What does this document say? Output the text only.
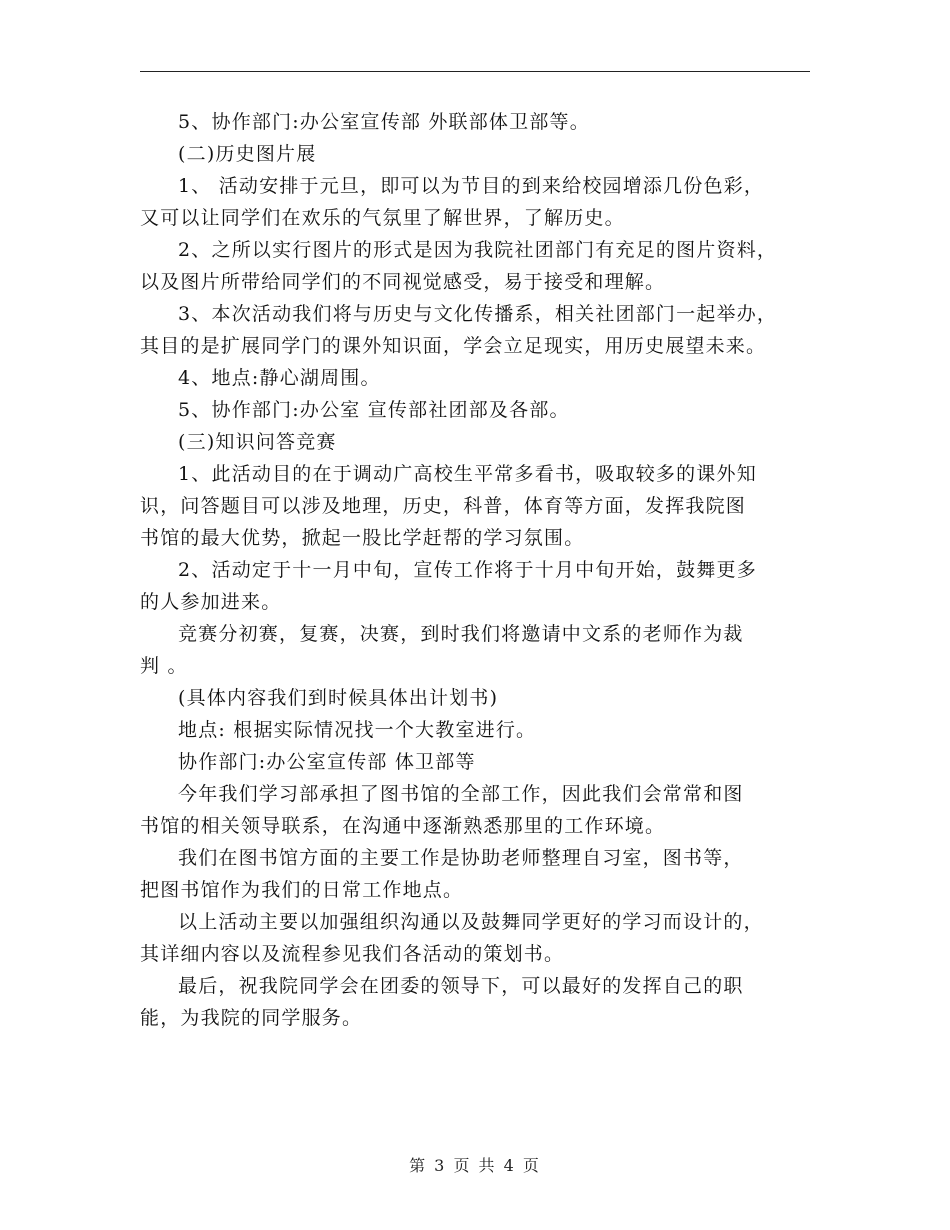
5、协作部门:办公室宣传部 外联部体卫部等。

(二)历史图片展

1、 活动安排于元旦，即可以为节目的到来给校园增添几份色彩，

又可以让同学们在欢乐的气氛里了解世界，了解历史。

2、之所以实行图片的形式是因为我院社团部门有充足的图片资料，

以及图片所带给同学们的不同视觉感受，易于接受和理解。

3、本次活动我们将与历史与文化传播系，相关社团部门一起举办，

其目的是扩展同学门的课外知识面，学会立足现实，用历史展望未来。

4、地点:静心湖周围。

5、协作部门:办公室 宣传部社团部及各部。

(三)知识问答竞赛

1、此活动目的在于调动广高校生平常多看书，吸取较多的课外知

识，问答题目可以涉及地理，历史，科普，体育等方面，发挥我院图

书馆的最大优势，掀起一股比学赶帮的学习氛围。

2、活动定于十一月中旬，宣传工作将于十月中旬开始，鼓舞更多

的人参加进来。

竞赛分初赛，复赛，决赛，到时我们将邀请中文系的老师作为裁

判 。

(具体内容我们到时候具体出计划书)

地点: 根据实际情况找一个大教室进行。

协作部门:办公室宣传部 体卫部等

今年我们学习部承担了图书馆的全部工作，因此我们会常常和图

书馆的相关领导联系，在沟通中逐渐熟悉那里的工作环境。

我们在图书馆方面的主要工作是协助老师整理自习室，图书等，

把图书馆作为我们的日常工作地点。

以上活动主要以加强组织沟通以及鼓舞同学更好的学习而设计的，

其详细内容以及流程参见我们各活动的策划书。

最后，祝我院同学会在团委的领导下，可以最好的发挥自己的职

能，为我院的同学服务。

第 3 页 共 4 页
